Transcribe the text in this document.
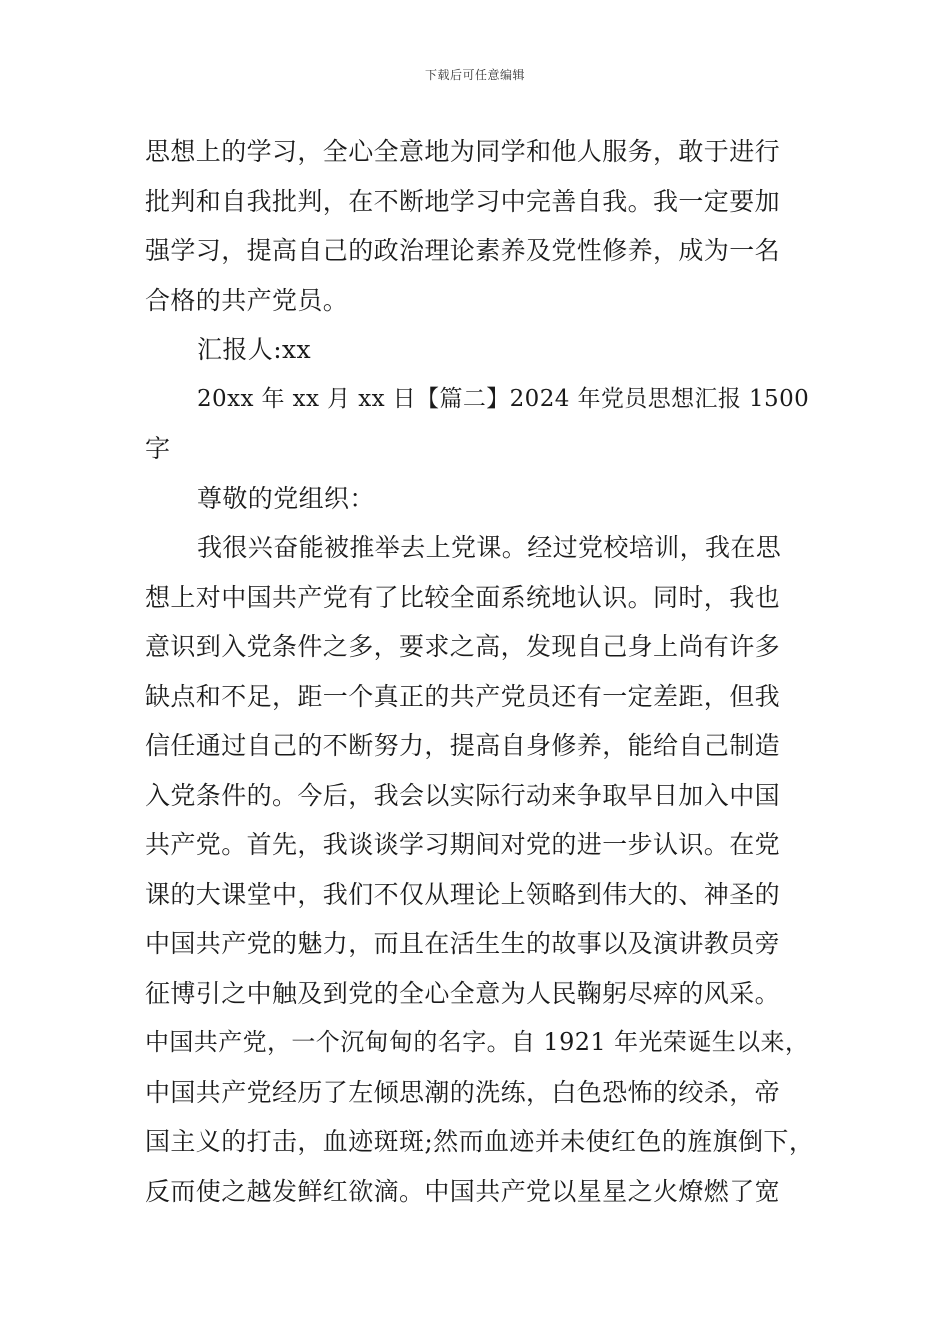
下载后可任意编辑
思想上的学习，全心全意地为同学和他人服务，敢于进行
批判和自我批判，在不断地学习中完善自我。我一定要加
强学习，提高自己的政治理论素养及党性修养，成为一名
合格的共产党员。
汇报人:xx
20xx 年 xx 月 xx 日【篇二】2024 年党员思想汇报 1500
字
尊敬的党组织：
我很兴奋能被推举去上党课。经过党校培训，我在思
想上对中国共产党有了比较全面系统地认识。同时，我也
意识到入党条件之多，要求之高，发现自己身上尚有许多
缺点和不足，距一个真正的共产党员还有一定差距，但我
信任通过自己的不断努力，提高自身修养，能给自己制造
入党条件的。今后，我会以实际行动来争取早日加入中国
共产党。首先，我谈谈学习期间对党的进一步认识。在党
课的大课堂中，我们不仅从理论上领略到伟大的、神圣的
中国共产党的魅力，而且在活生生的故事以及演讲教员旁
征博引之中触及到党的全心全意为人民鞠躬尽瘁的风采。
中国共产党，一个沉甸甸的名字。自 1921 年光荣诞生以来，
中国共产党经历了左倾思潮的洗练，白色恐怖的绞杀，帝
国主义的打击，血迹斑斑;然而血迹并未使红色的旌旗倒下，
反而使之越发鲜红欲滴。中国共产党以星星之火燎燃了宽
